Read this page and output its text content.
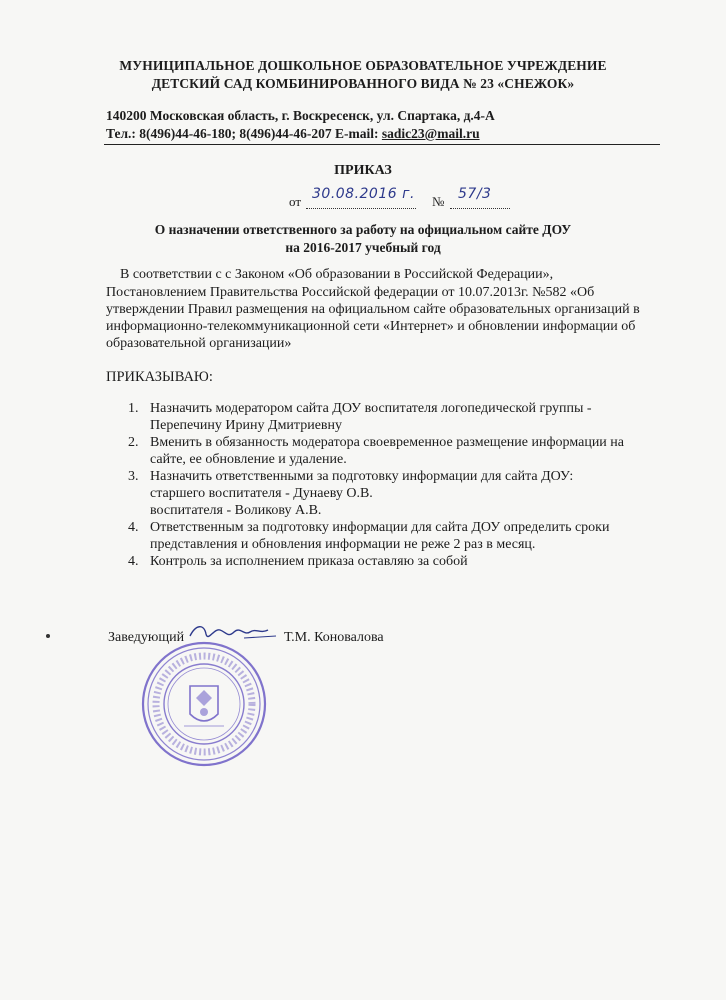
МУНИЦИПАЛЬНОЕ ДОШКОЛЬНОЕ ОБРАЗОВАТЕЛЬНОЕ УЧРЕЖДЕНИЕ
ДЕТСКИЙ САД КОМБИНИРОВАННОГО ВИДА № 23 «СНЕЖОК»
140200 Московская область, г. Воскресенск, ул. Спартака, д.4-А
Тел.: 8(496)44-46-180; 8(496)44-46-207 E-mail: sadic23@mail.ru
ПРИКАЗ
от 30.08.2016 г. № 57/3
О назначении ответственного за работу на официальном сайте ДОУ
на 2016-2017 учебный год
В соответствии с с Законом «Об образовании в Российской Федерации»,
Постановлением Правительства Российской федерации от 10.07.2013г. №582 «Об
утверждении Правил размещения на официальном сайте образовательных организаций в
информационно-телекоммуникационной сети «Интернет» и обновлении информации об
образовательной организации»
ПРИКАЗЫВАЮ:
1. Назначить модератором сайта ДОУ воспитателя логопедической группы -
Перепечину Ирину Дмитриевну
2. Вменить в обязанность модератора своевременное размещение информации на
сайте, ее обновление и удаление.
3. Назначить ответственными за подготовку информации для сайта ДОУ:
старшего воспитателя - Дунаеву О.В.
воспитателя - Воликову А.В.
4. Ответственным за подготовку информации для сайта ДОУ определить сроки
представления и обновления информации не реже 2 раз в месяц.
4. Контроль за исполнением приказа оставляю за собой
Заведующий	Т.М. Коновалова
